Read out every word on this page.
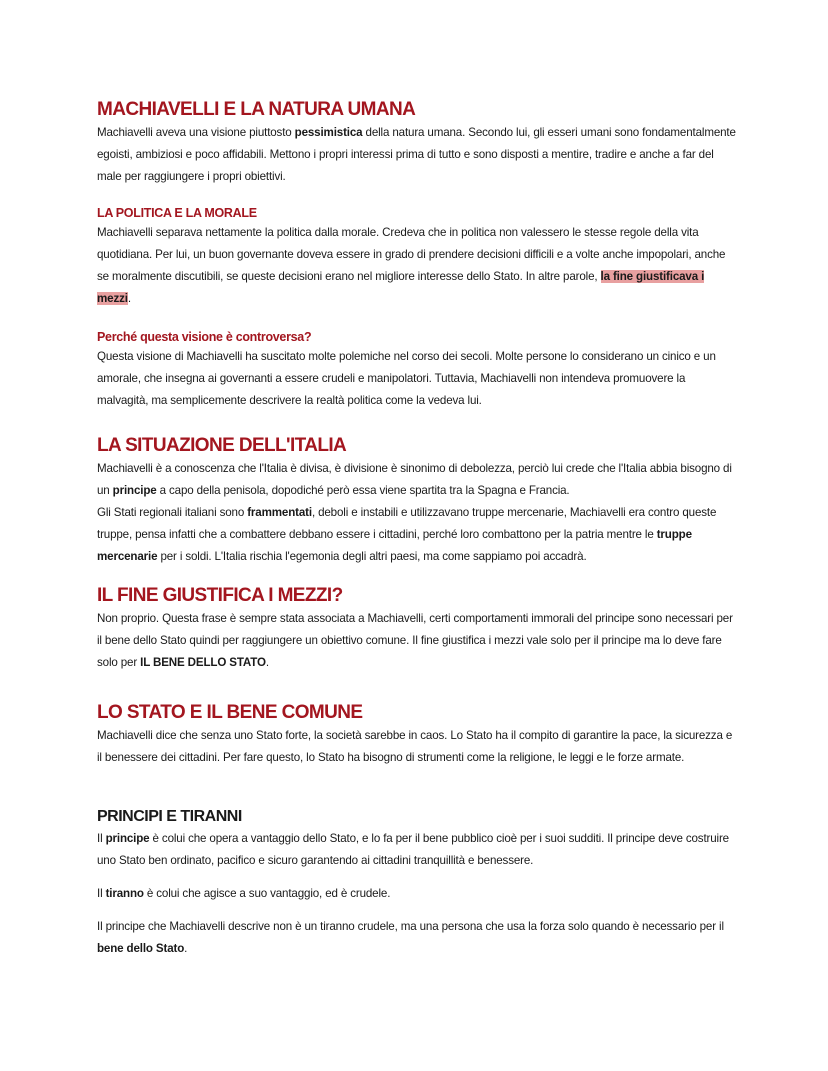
MACHIAVELLI E LA NATURA UMANA

Machiavelli aveva una visione piuttosto pessimistica della natura umana. Secondo lui, gli esseri umani sono fondamentalmente egoisti, ambiziosi e poco affidabili. Mettono i propri interessi prima di tutto e sono disposti a mentire, tradire e anche a far del male per raggiungere i propri obiettivi.

LA POLITICA E LA MORALE

Machiavelli separava nettamente la politica dalla morale. Credeva che in politica non valessero le stesse regole della vita quotidiana. Per lui, un buon governante doveva essere in grado di prendere decisioni difficili e a volte anche impopolari, anche se moralmente discutibili, se queste decisioni erano nel migliore interesse dello Stato. In altre parole, la fine giustificava i mezzi.

Perché questa visione è controversa?

Questa visione di Machiavelli ha suscitato molte polemiche nel corso dei secoli. Molte persone lo considerano un cinico e un amorale, che insegna ai governanti a essere crudeli e manipolatori. Tuttavia, Machiavelli non intendeva promuovere la malvagità, ma semplicemente descrivere la realtà politica come la vedeva lui.

LA SITUAZIONE DELL'ITALIA

Machiavelli è a conoscenza che l'Italia è divisa, è divisione è sinonimo di debolezza, perciò lui crede che l'Italia abbia bisogno di un principe a capo della penisola, dopodiché però essa viene spartita tra la Spagna e Francia.

Gli Stati regionali italiani sono frammentati, deboli e instabili e utilizzavano truppe mercenarie, Machiavelli era contro queste truppe, pensa infatti che a combattere debbano essere i cittadini, perché loro combattono per la patria mentre le truppe mercenarie per i soldi. L'Italia rischia l'egemonia degli altri paesi, ma come sappiamo poi accadrà.

IL FINE GIUSTIFICA I MEZZI?

Non proprio. Questa frase è sempre stata associata a Machiavelli, certi comportamenti immorali del principe sono necessari per il bene dello Stato quindi per raggiungere un obiettivo comune. Il fine giustifica i mezzi vale solo per il principe ma lo deve fare solo per IL BENE DELLO STATO.

LO STATO E IL BENE COMUNE

Machiavelli dice che senza uno Stato forte, la società sarebbe in caos. Lo Stato ha il compito di garantire la pace, la sicurezza e il benessere dei cittadini. Per fare questo, lo Stato ha bisogno di strumenti come la religione, le leggi e le forze armate.

PRINCIPI E TIRANNI

Il principe è colui che opera a vantaggio dello Stato, e lo fa per il bene pubblico cioè per i suoi sudditi. Il principe deve costruire uno Stato ben ordinato, pacifico e sicuro garantendo ai cittadini tranquillità e benessere.

Il tiranno è colui che agisce a suo vantaggio, ed è crudele.

Il principe che Machiavelli descrive non è un tiranno crudele, ma una persona che usa la forza solo quando è necessario per il bene dello Stato.
